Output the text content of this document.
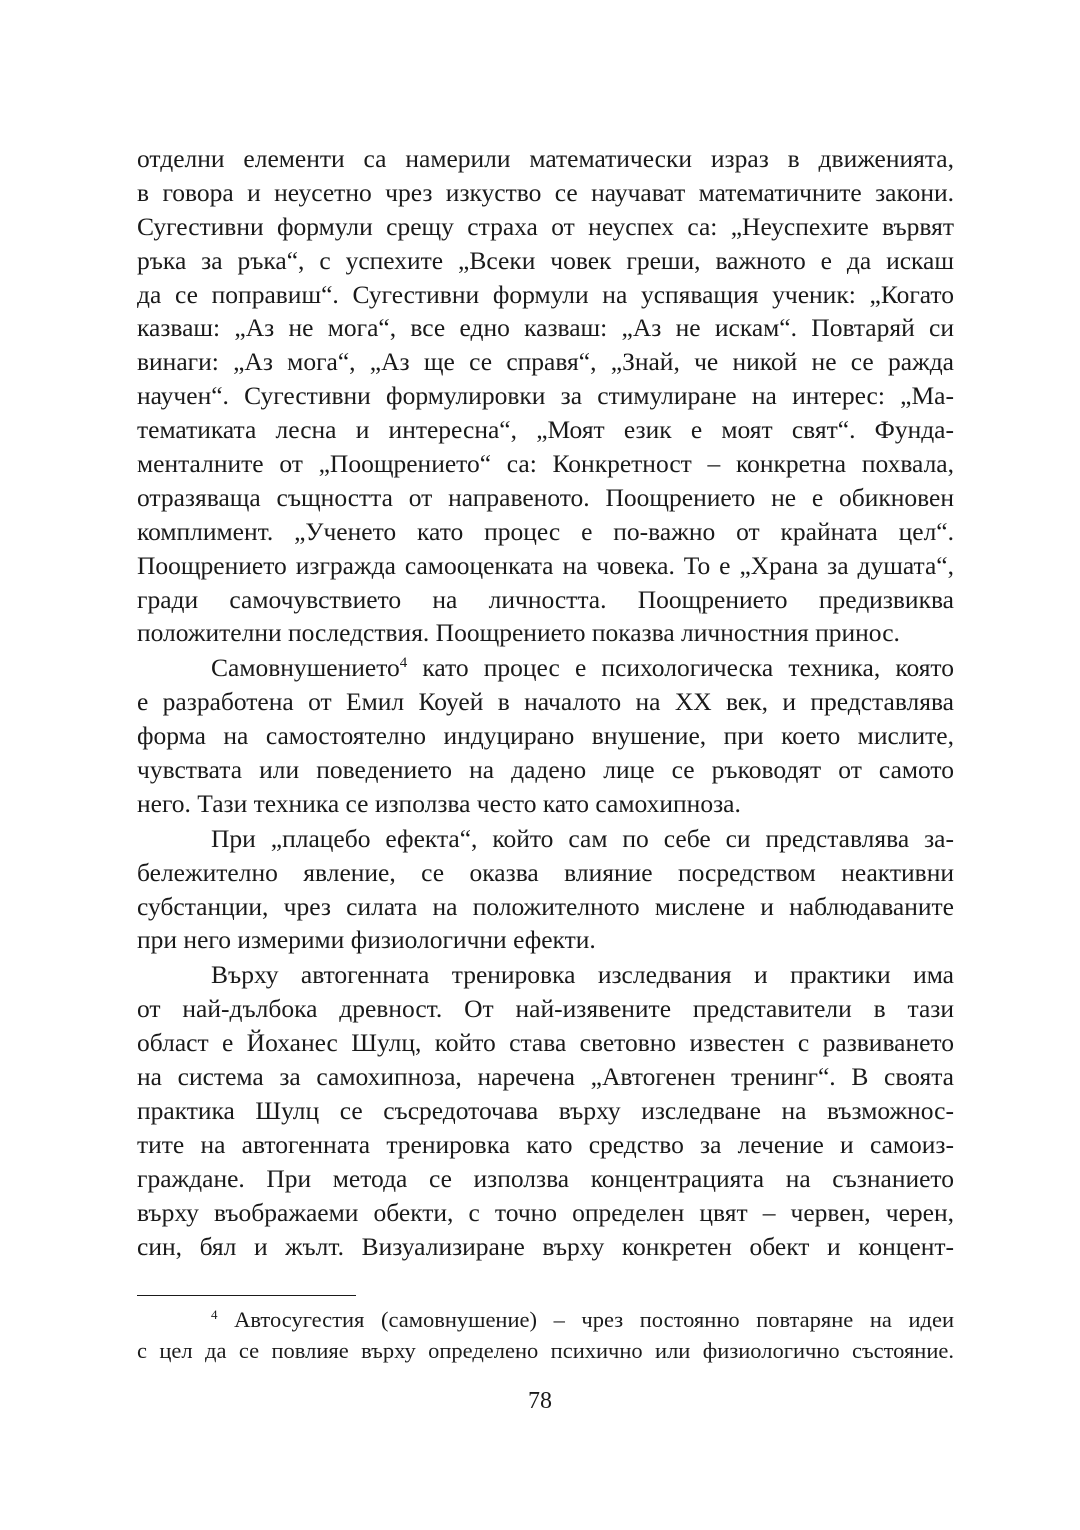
отделни елементи са намерили математически израз в движенията,
в говора и неусетно чрез изкуство се научават математичните закони.
Сугестивни формули срещу страха от неуспех са: „Неуспехите вървят
ръка за ръка“, с успехите „Всеки човек греши, важното е да искаш
да се поправиш“. Сугестивни формули на успяващия ученик: „Когато
казваш: „Аз не мога“, все едно казваш: „Аз не искам“. Повтаряй си
винаги: „Аз мога“, „Аз ще се справя“, „Знай, че никой не се ражда
научен“. Сугестивни формулировки за стимулиране на интерес: „Ма-
тематиката лесна и интересна“, „Моят език е моят свят“. Фунда-
менталните от „Поощрението“ са: Конкретност – конкретна похвала,
отразяваща същността от направеното. Поощрението не е обикновен
комплимент. „Ученето като процес е по-важно от крайната цел“.
Поощрението изгражда самооценката на човека. То е „Храна за душата“,
гради самочувствието на личността. Поощрението предизвиква
положителни последствия. Поощрението показва личностния принос.
Самовнушението$^4$ като процес е психологическа техника, която
е разработена от Емил Коуей в началото на XX век, и представлява
форма на самостоятелно индуцирано внушение, при което мислите,
чувствата или поведението на дадено лице се ръководят от самото
него. Тази техника се използва често като самохипноза.
При „плацебо ефекта“, който сам по себе си представлява за-
бележително явление, се оказва влияние посредством неактивни
субстанции, чрез силата на положителното мислене и наблюдаваните
при него измерими физиологични ефекти.
Върху автогенната тренировка изследвания и практики има
от най-дълбока древност. От най-изявените представители в тази
област е Йоханес Шулц, който става световно известен с развиването
на система за самохипноза, наречена „Автогенен тренинг“. В своята
практика Шулц се съсредоточава върху изследване на възможнос-
тите на автогенната тренировка като средство за лечение и самоиз-
граждане. При метода се използва концентрацията на съзнанието
върху въображаеми обекти, с точно определен цвят – червен, черен,
син, бял и жълт. Визуализиране върху конкретен обект и концент-
$^4$ Автосугестия (самовнушение) – чрез постоянно повтаряне на идеи
с цел да се повлияе върху определено психично или физиологично състояние.
78
